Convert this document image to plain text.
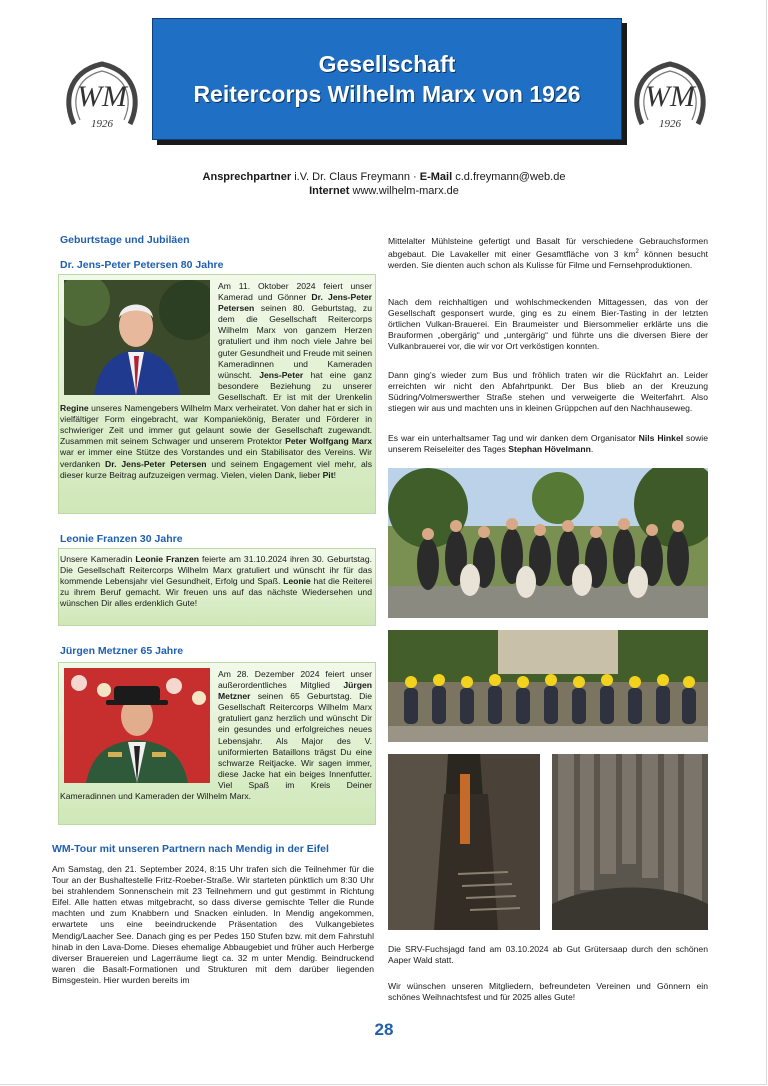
WM
1926
WM
1926
Gesellschaft
Reitercorps Wilhelm Marx von 1926
Ansprechpartner i.V. Dr. Claus Freymann · E-Mail c.d.freymann@web.de
Internet www.wilhelm-marx.de
Geburtstage und Jubiläen
Dr. Jens-Peter Petersen 80 Jahre
Am 11. Oktober 2024 feiert unser Kamerad und Gönner Dr. Jens-Peter Petersen seinen 80. Geburtstag, zu dem die Gesellschaft Reitercorps Wilhelm Marx von ganzem Herzen gratuliert und ihm noch viele Jahre bei guter Gesundheit und Freude mit seinen Kameradinnen und Kameraden wünscht. Jens-Peter hat eine ganz besondere Beziehung zu unserer Gesellschaft. Er ist mit der Urenkelin Regine unseres Namengebers Wilhelm Marx verheiratet. Von daher hat er sich in vielfältiger Form eingebracht, war Kompaniekönig, Berater und Förderer in schwieriger Zeit und immer gut gelaunt sowie der Gesellschaft zugewandt. Zusammen mit seinem Schwager und unserem Protektor Peter Wolfgang Marx war er immer eine Stütze des Vorstandes und ein Stabilisator des Vereins. Wir verdanken Dr. Jens-Peter Petersen und seinem Engagement viel mehr, als dieser kurze Beitrag aufzuzeigen vermag. Vielen, vielen Dank, lieber Pit!
Leonie Franzen 30 Jahre
Unsere Kameradin Leonie Franzen feierte am 31.10.2024 ihren 30. Geburtstag. Die Gesellschaft Reitercorps Wilhelm Marx gratuliert und wünscht ihr für das kommende Lebensjahr viel Gesundheit, Erfolg und Spaß. Leonie hat die Reiterei zu ihrem Beruf gemacht. Wir freuen uns auf das nächste Wiedersehen und wünschen Dir alles erdenklich Gute!
Jürgen Metzner 65 Jahre
Am 28. Dezember 2024 feiert unser außerordentliches Mitglied Jürgen Metzner seinen 65 Geburtstag. Die Gesellschaft Reitercorps Wilhelm Marx gratuliert ganz herzlich und wünscht Dir ein gesundes und erfolgreiches neues Lebensjahr. Als Major des V. uniformierten Bataillons trägst Du eine schwarze Reitjacke. Wir sagen immer, diese Jacke hat ein beiges Innenfutter. Viel Spaß im Kreis Deiner Kameradinnen und Kameraden der Wilhelm Marx.
WM-Tour mit unseren Partnern nach Mendig in der Eifel
Am Samstag, den 21. September 2024, 8:15 Uhr trafen sich die Teilnehmer für die Tour an der Bushaltestelle Fritz-Roeber-Straße. Wir starteten pünktlich um 8:30 Uhr bei strahlendem Sonnenschein mit 23 Teilnehmern und gut gestimmt in Richtung Eifel. Alle hatten etwas mitgebracht, so dass diverse gemischte Teller die Runde machten und zum Knabbern und Snacken einluden. In Mendig angekommen, erwartete uns eine beeindruckende Präsentation des Vulkangebietes Mendig/Laacher See. Danach ging es per Pedes 150 Stufen bzw. mit dem Fahrstuhl hinab in den Lava-Dome. Dieses ehemalige Abbaugebiet und früher auch Herberge diverser Brauereien und Lagerräume liegt ca. 32 m unter Mendig. Beindruckend waren die Basalt-Formationen und Strukturen mit dem darüber liegenden Bimsgestein. Hier wurden bereits im
Mittelalter Mühlsteine gefertigt und Basalt für verschiedene Gebrauchsformen abgebaut. Die Lavakeller mit einer Gesamtfläche von 3 $km^2$ können besucht werden. Sie dienten auch schon als Kulisse für Filme und Fernsehproduktionen.
Nach dem reichhaltigen und wohlschmeckenden Mittagessen, das von der Gesellschaft gesponsert wurde, ging es zu einem Bier-Tasting in der letzten örtlichen Vulkan-Brauerei. Ein Braumeister und Biersommelier erklärte uns die Brauformen „obergärig“ und „untergärig“ und führte uns die diversen Biere der Vulkanbrauerei vor, die wir vor Ort verköstigen konnten.
Dann ging's wieder zum Bus und fröhlich traten wir die Rückfahrt an. Leider erreichten wir nicht den Abfahrtpunkt. Der Bus blieb an der Kreuzung Südring/Volmerswerther Straße stehen und verweigerte die Weiterfahrt. Also stiegen wir aus und machten uns in kleinen Grüppchen auf den Nachhauseweg.
Es war ein unterhaltsamer Tag und wir danken dem Organisator Nils Hinkel sowie unserem Reiseleiter des Tages Stephan Hövelmann.
Die SRV-Fuchsjagd fand am 03.10.2024 ab Gut Grütersaap durch den schönen Aaper Wald statt.
Wir wünschen unseren Mitgliedern, befreundeten Vereinen und Gönnern ein schönes Weihnachtsfest und für 2025 alles Gute!
28
